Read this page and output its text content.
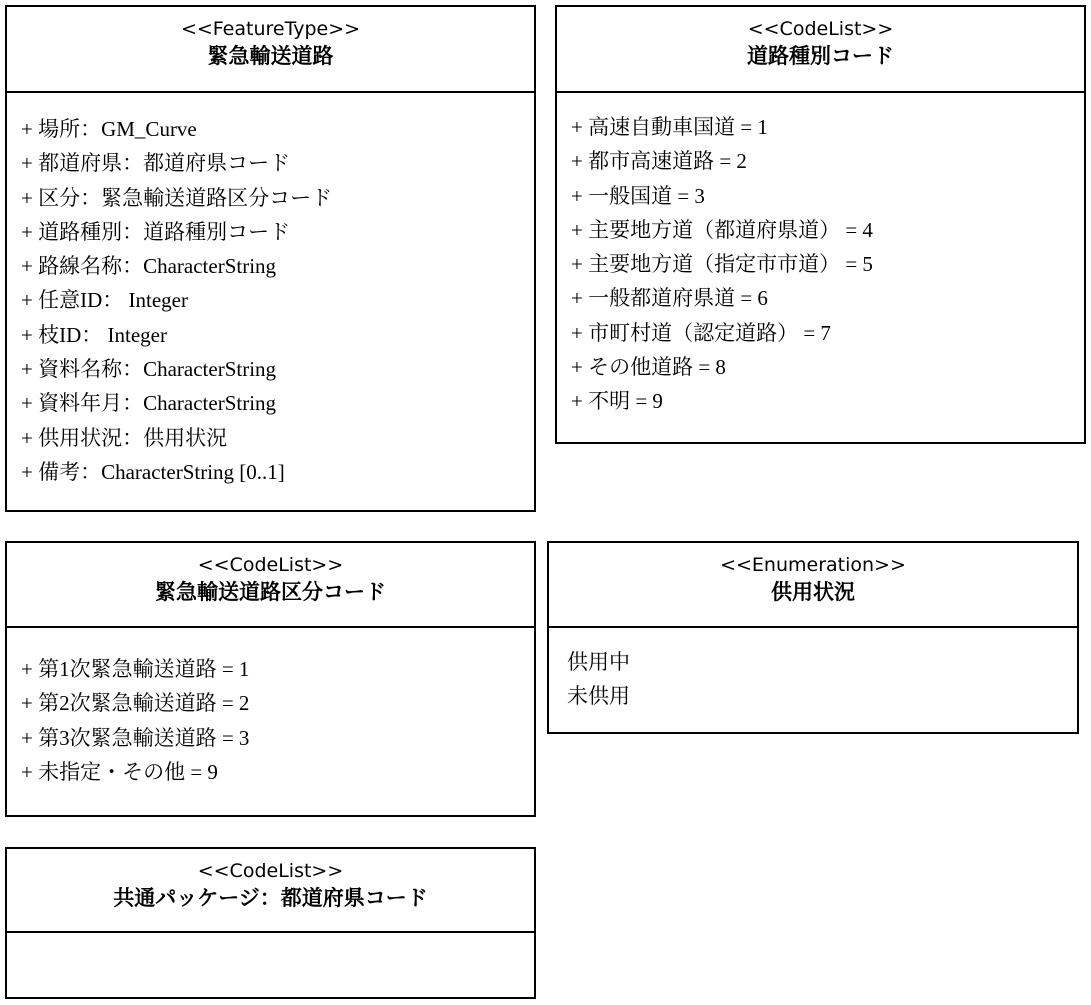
<<FeatureType>>
緊急輸送道路
+ 場所：GM_Curve
+ 都道府県：都道府県コード
+ 区分：緊急輸送道路区分コード
+ 道路種別：道路種別コード
+ 路線名称：CharacterString
+ 任意ID： Integer
+ 枝ID： Integer
+ 資料名称：CharacterString
+ 資料年月：CharacterString
+ 供用状況：供用状況
+ 備考：CharacterString [0..1]
<<CodeList>>
道路種別コード
+ 高速自動車国道 = 1
+ 都市高速道路 = 2
+ 一般国道 = 3
+ 主要地方道（都道府県道） = 4
+ 主要地方道（指定市市道） = 5
+ 一般都道府県道 = 6
+ 市町村道（認定道路） = 7
+ その他道路 = 8
+ 不明 = 9
<<CodeList>>
緊急輸送道路区分コード
+ 第1次緊急輸送道路 = 1
+ 第2次緊急輸送道路 = 2
+ 第3次緊急輸送道路 = 3
+ 未指定・その他 = 9
<<Enumeration>>
供用状況
供用中
未供用
<<CodeList>>
共通パッケージ：都道府県コード
